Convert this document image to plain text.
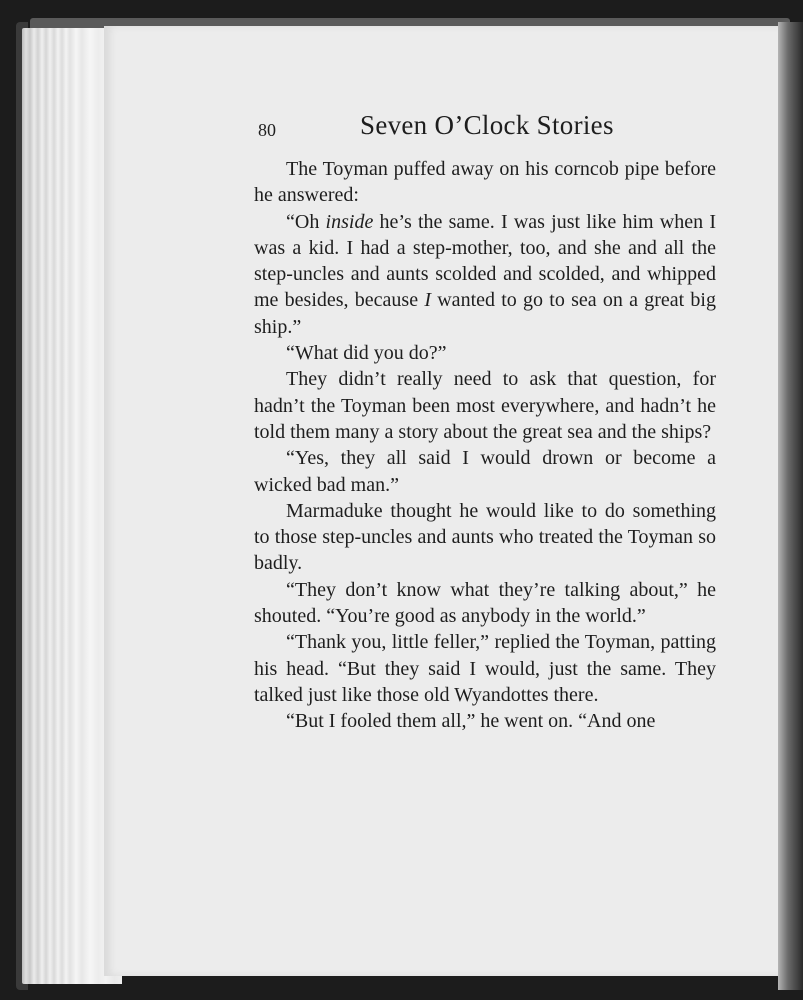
80	Seven O’Clock Stories

The Toyman puffed away on his corncob pipe before he answered:

“Oh inside he’s the same. I was just like him when I was a kid. I had a step-mother, too, and she and all the step-uncles and aunts scolded and scolded, and whipped me besides, because I wanted to go to sea on a great big ship.”

“What did you do?”

They didn’t really need to ask that question, for hadn’t the Toyman been most everywhere, and hadn’t he told them many a story about the great sea and the ships?

“Yes, they all said I would drown or become a wicked bad man.”

Marmaduke thought he would like to do something to those step-uncles and aunts who treated the Toyman so badly.

“They don’t know what they’re talking about,” he shouted. “You’re good as anybody in the world.”

“Thank you, little feller,” replied the Toyman, patting his head. “But they said I would, just the same. They talked just like those old Wyandottes there.

“But I fooled them all,” he went on. “And one
